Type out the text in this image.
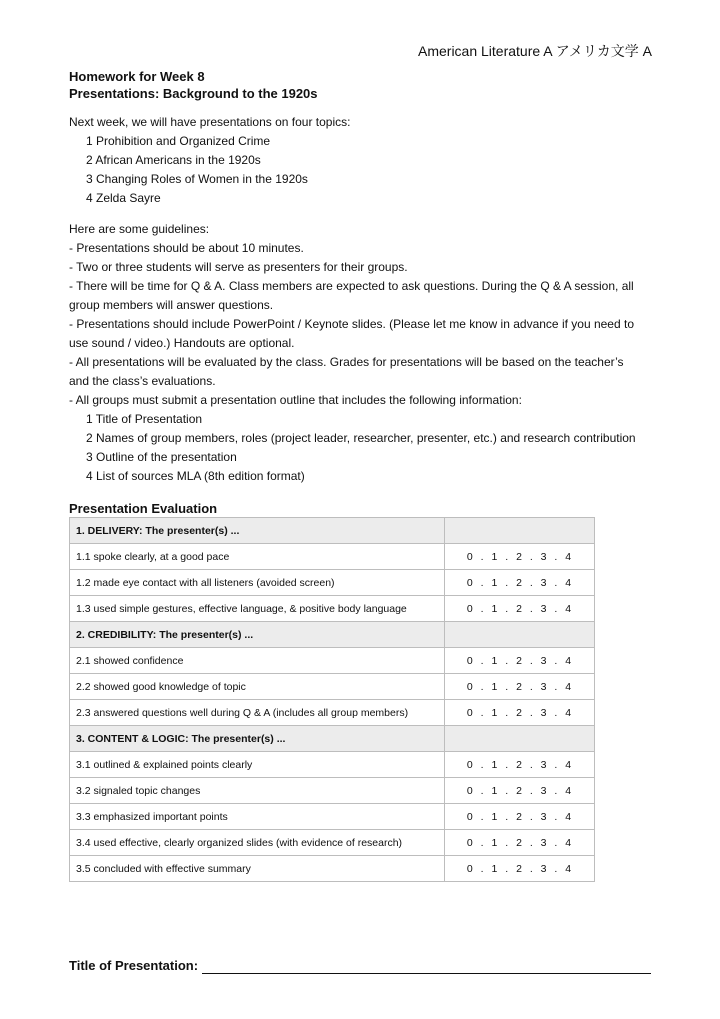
American Literature A アメリカ文学 A
Homework for Week 8
Presentations: Background to the 1920s
Next week, we will have presentations on four topics:
1 Prohibition and Organized Crime
2 African Americans in the 1920s
3 Changing Roles of Women in the 1920s
4 Zelda Sayre
Here are some guidelines:
- Presentations should be about 10 minutes.
- Two or three students will serve as presenters for their groups.
- There will be time for Q & A. Class members are expected to ask questions. During the Q & A session, all
group members will answer questions.
- Presentations should include PowerPoint / Keynote slides. (Please let me know in advance if you need to
use sound / video.) Handouts are optional.
- All presentations will be evaluated by the class. Grades for presentations will be based on the teacher’s
and the class’s evaluations.
- All groups must submit a presentation outline that includes the following information:
1 Title of Presentation
2 Names of group members, roles (project leader, researcher, presenter, etc.) and research contribution
3 Outline of the presentation
4 List of sources MLA (8th edition format)
Presentation Evaluation
1. DELIVERY: The presenter(s) ...	
1.1 spoke clearly, at a good pace	0 . 1 . 2 . 3 . 4
1.2 made eye contact with all listeners (avoided screen)	0 . 1 . 2 . 3 . 4
1.3 used simple gestures, effective language, & positive body language	0 . 1 . 2 . 3 . 4
2. CREDIBILITY: The presenter(s) ...	
2.1 showed confidence	0 . 1 . 2 . 3 . 4
2.2 showed good knowledge of topic	0 . 1 . 2 . 3 . 4
2.3 answered questions well during Q & A (includes all group members)	0 . 1 . 2 . 3 . 4
3. CONTENT & LOGIC: The presenter(s) ...	
3.1 outlined & explained points clearly	0 . 1 . 2 . 3 . 4
3.2 signaled topic changes	0 . 1 . 2 . 3 . 4
3.3 emphasized important points	0 . 1 . 2 . 3 . 4
3.4 used effective, clearly organized slides (with evidence of research)	0 . 1 . 2 . 3 . 4
3.5 concluded with effective summary	0 . 1 . 2 . 3 . 4
Title of Presentation:
